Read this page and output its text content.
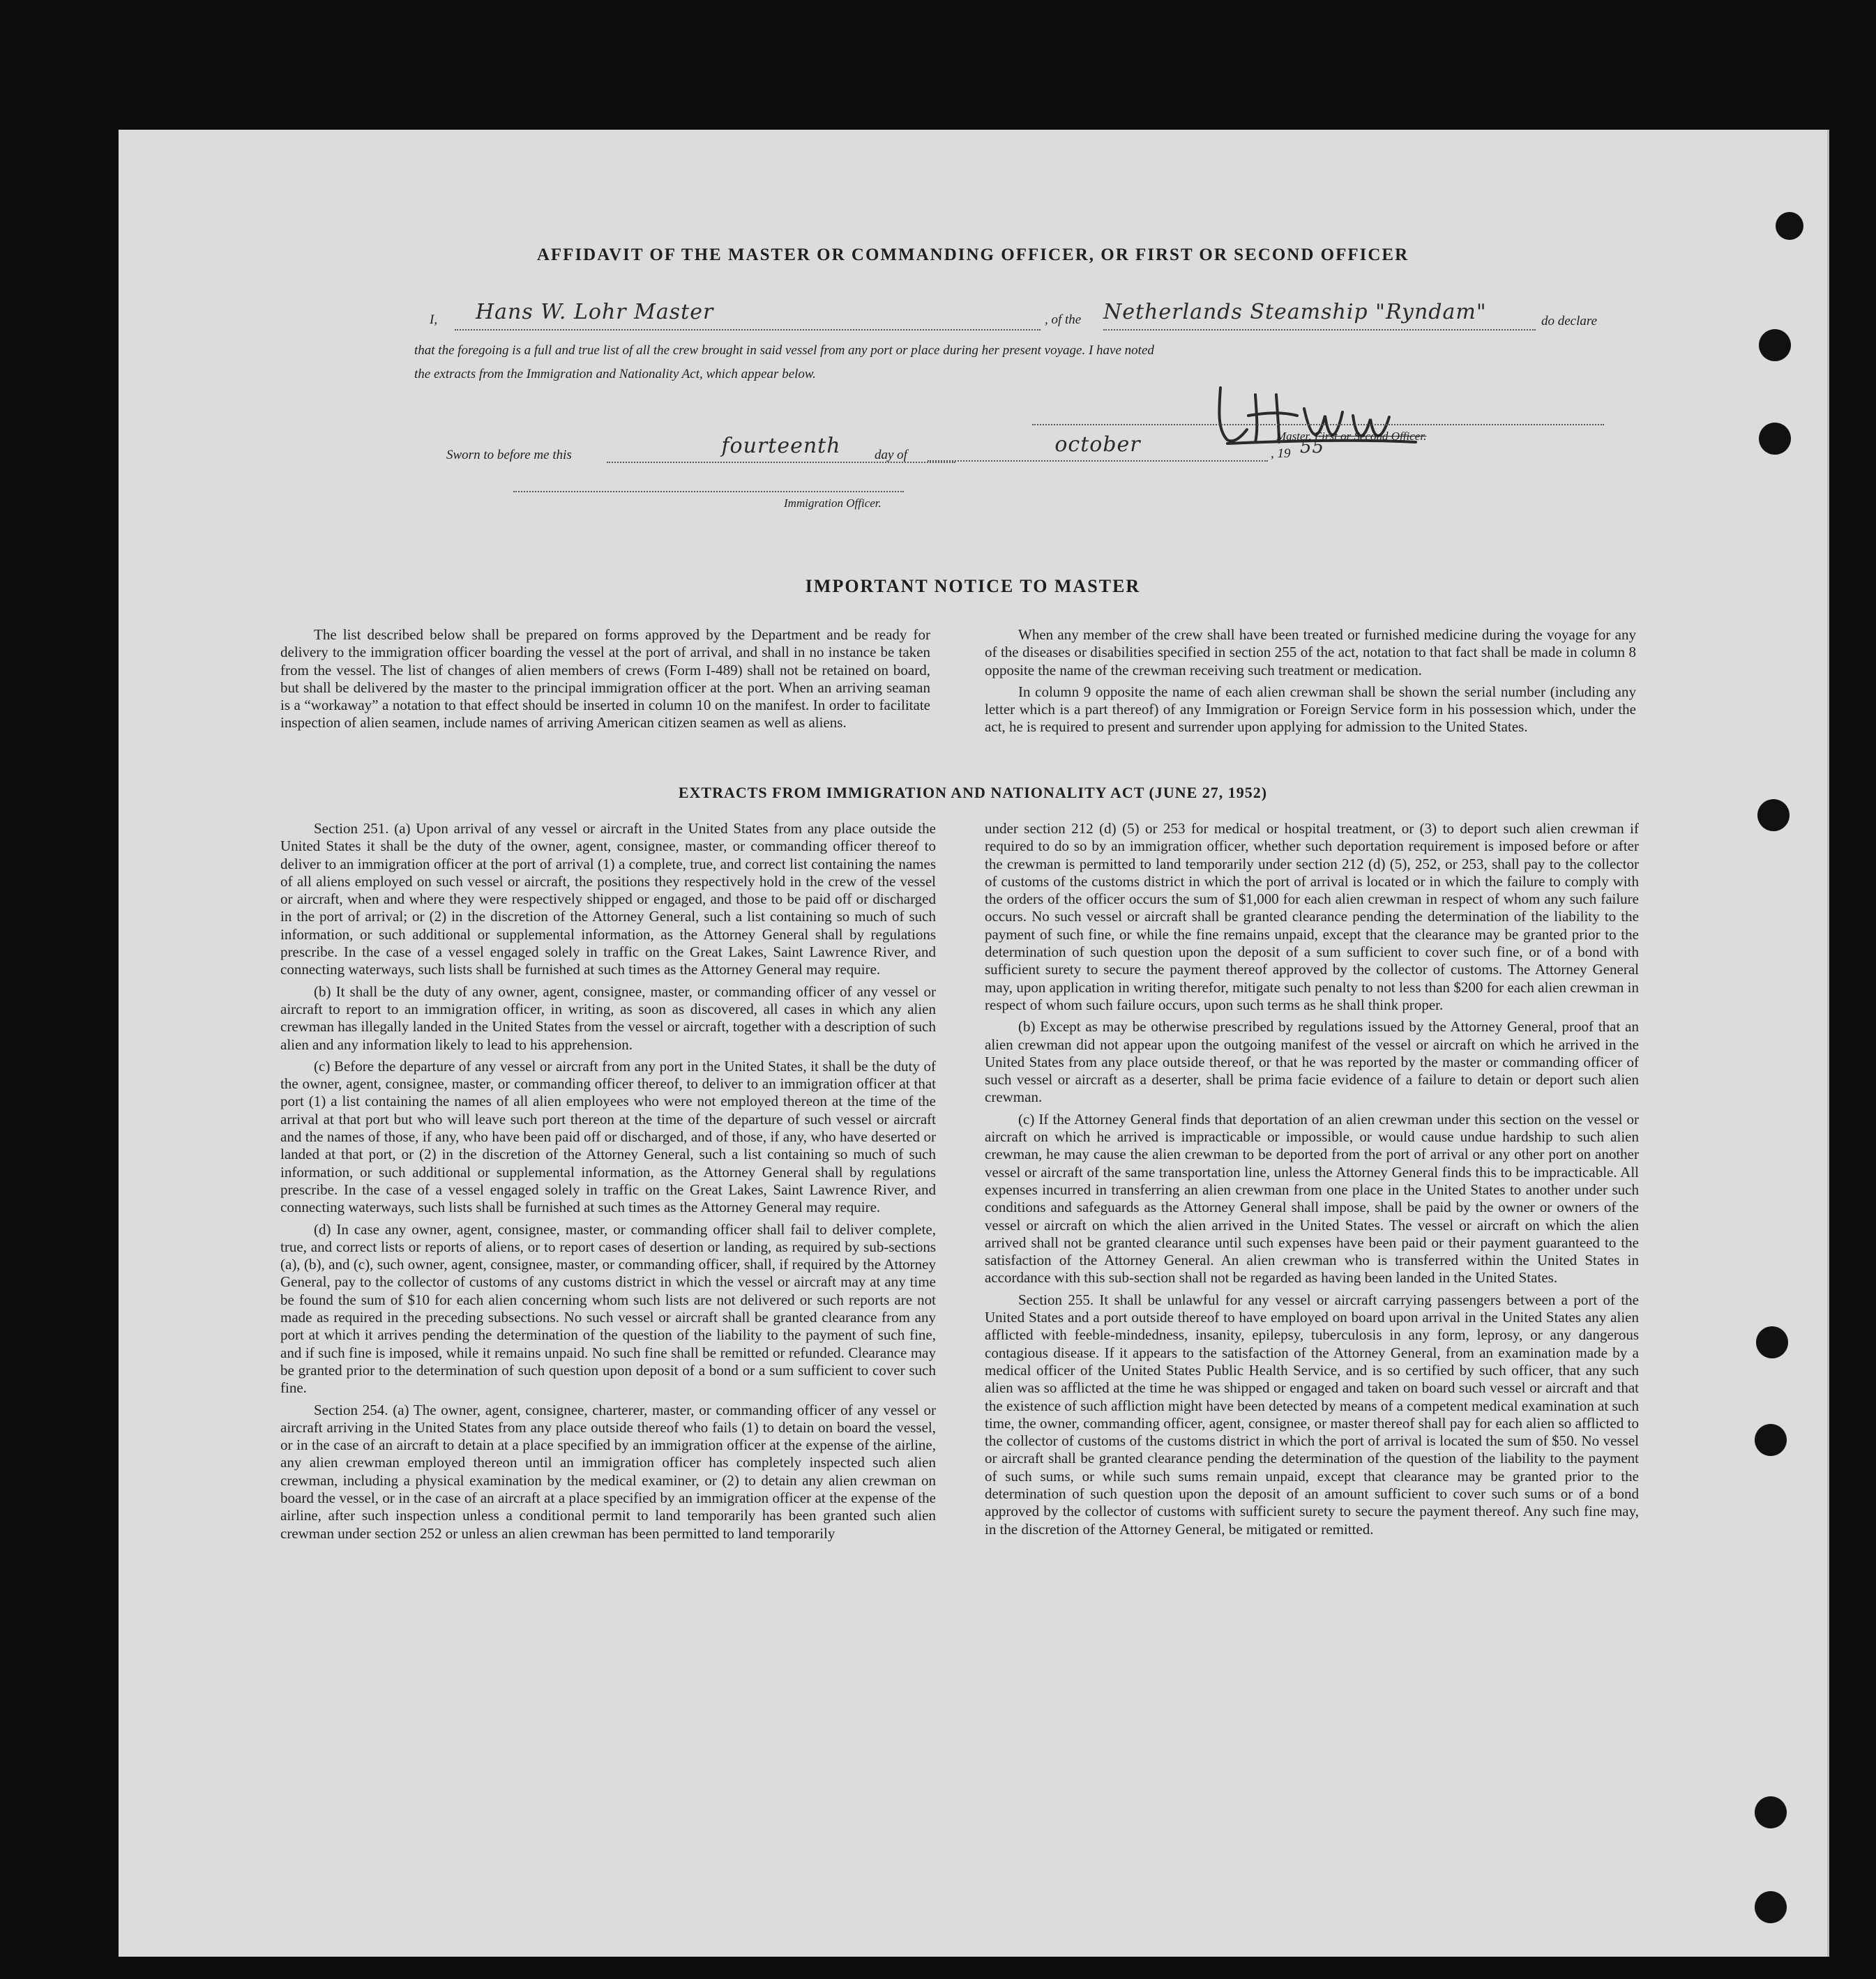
AFFIDAVIT OF THE MASTER OR COMMANDING OFFICER, OR FIRST OR SECOND OFFICER
I,	Hans W. Lohr Master	, of the Netherlands Steamship "Ryndam"	do declare
that the foregoing is a full and true list of all the crew brought in said vessel from any port or place during her present voyage. I have noted
the extracts from the Immigration and Nationality Act, which appear below.
Master, First or Second Officer.
Sworn to before me this	fourteenth	day of	october	, 19 55
Immigration Officer.
IMPORTANT NOTICE TO MASTER

The list described below shall be prepared on forms approved by the Department and be ready for delivery to the immigration officer boarding the vessel at the port of arrival, and shall in no instance be taken from the vessel. The list of changes of alien members of crews (Form I-489) shall not be retained on board, but shall be delivered by the master to the principal immigration officer at the port. When an arriving seaman is a “workaway” a notation to that effect should be inserted in column 10 on the manifest. In order to facilitate inspection of alien seamen, include names of arriving American citizen seamen as well as aliens.

When any member of the crew shall have been treated or furnished medicine during the voyage for any of the diseases or disabilities specified in section 255 of the act, notation to that fact shall be made in column 8 opposite the name of the crewman receiving such treatment or medication.

In column 9 opposite the name of each alien crewman shall be shown the serial number (including any letter which is a part thereof) of any Immigration or Foreign Service form in his possession which, under the act, he is required to present and surrender upon applying for admission to the United States.

EXTRACTS FROM IMMIGRATION AND NATIONALITY ACT (JUNE 27, 1952)

Section 251. (a) Upon arrival of any vessel or aircraft in the United States from any place outside the United States it shall be the duty of the owner, agent, consignee, master, or commanding officer thereof to deliver to an immigration officer at the port of arrival (1) a complete, true, and correct list containing the names of all aliens employed on such vessel or aircraft, the positions they respectively hold in the crew of the vessel or aircraft, when and where they were respectively shipped or engaged, and those to be paid off or discharged in the port of arrival; or (2) in the discretion of the Attorney General, such a list containing so much of such information, or such additional or supplemental information, as the Attorney General shall by regulations prescribe. In the case of a vessel engaged solely in traffic on the Great Lakes, Saint Lawrence River, and connecting waterways, such lists shall be furnished at such times as the Attorney General may require.

(b) It shall be the duty of any owner, agent, consignee, master, or commanding officer of any vessel or aircraft to report to an immigration officer, in writing, as soon as discovered, all cases in which any alien crewman has illegally landed in the United States from the vessel or aircraft, together with a description of such alien and any information likely to lead to his apprehension.

(c) Before the departure of any vessel or aircraft from any port in the United States, it shall be the duty of the owner, agent, consignee, master, or commanding officer thereof, to deliver to an immigration officer at that port (1) a list containing the names of all alien employees who were not employed thereon at the time of the arrival at that port but who will leave such port thereon at the time of the departure of such vessel or aircraft and the names of those, if any, who have been paid off or discharged, and of those, if any, who have deserted or landed at that port, or (2) in the discretion of the Attorney General, such a list containing so much of such information, or such additional or supplemental information, as the Attorney General shall by regulations prescribe. In the case of a vessel engaged solely in traffic on the Great Lakes, Saint Lawrence River, and connecting waterways, such lists shall be furnished at such times as the Attorney General may require.

(d) In case any owner, agent, consignee, master, or commanding officer shall fail to deliver complete, true, and correct lists or reports of aliens, or to report cases of desertion or landing, as required by sub-sections (a), (b), and (c), such owner, agent, consignee, master, or commanding officer, shall, if required by the Attorney General, pay to the collector of customs of any customs district in which the vessel or aircraft may at any time be found the sum of $10 for each alien concerning whom such lists are not delivered or such reports are not made as required in the preceding subsections. No such vessel or aircraft shall be granted clearance from any port at which it arrives pending the determination of the question of the liability to the payment of such fine, and if such fine is imposed, while it remains unpaid. No such fine shall be remitted or refunded. Clearance may be granted prior to the determination of such question upon deposit of a bond or a sum sufficient to cover such fine.

Section 254. (a) The owner, agent, consignee, charterer, master, or commanding officer of any vessel or aircraft arriving in the United States from any place outside thereof who fails (1) to detain on board the vessel, or in the case of an aircraft to detain at a place specified by an immigration officer at the expense of the airline, any alien crewman employed thereon until an immigration officer has completely inspected such alien crewman, including a physical examination by the medical examiner, or (2) to detain any alien crewman on board the vessel, or in the case of an aircraft at a place specified by an immigration officer at the expense of the airline, after such inspection unless a conditional permit to land temporarily has been granted such alien crewman under section 252 or unless an alien crewman has been permitted to land temporarily

under section 212 (d) (5) or 253 for medical or hospital treatment, or (3) to deport such alien crewman if required to do so by an immigration officer, whether such deportation requirement is imposed before or after the crewman is permitted to land temporarily under section 212 (d) (5), 252, or 253, shall pay to the collector of customs of the customs district in which the port of arrival is located or in which the failure to comply with the orders of the officer occurs the sum of $1,000 for each alien crewman in respect of whom any such failure occurs. No such vessel or aircraft shall be granted clearance pending the determination of the liability to the payment of such fine, or while the fine remains unpaid, except that the clearance may be granted prior to the determination of such question upon the deposit of a sum sufficient to cover such fine, or of a bond with sufficient surety to secure the payment thereof approved by the collector of customs. The Attorney General may, upon application in writing therefor, mitigate such penalty to not less than $200 for each alien crewman in respect of whom such failure occurs, upon such terms as he shall think proper.

(b) Except as may be otherwise prescribed by regulations issued by the Attorney General, proof that an alien crewman did not appear upon the outgoing manifest of the vessel or aircraft on which he arrived in the United States from any place outside thereof, or that he was reported by the master or commanding officer of such vessel or aircraft as a deserter, shall be prima facie evidence of a failure to detain or deport such alien crewman.

(c) If the Attorney General finds that deportation of an alien crewman under this section on the vessel or aircraft on which he arrived is impracticable or impossible, or would cause undue hardship to such alien crewman, he may cause the alien crewman to be deported from the port of arrival or any other port on another vessel or aircraft of the same transportation line, unless the Attorney General finds this to be impracticable. All expenses incurred in transferring an alien crewman from one place in the United States to another under such conditions and safeguards as the Attorney General shall impose, shall be paid by the owner or owners of the vessel or aircraft on which the alien arrived in the United States. The vessel or aircraft on which the alien arrived shall not be granted clearance until such expenses have been paid or their payment guaranteed to the satisfaction of the Attorney General. An alien crewman who is transferred within the United States in accordance with this sub-section shall not be regarded as having been landed in the United States.

Section 255. It shall be unlawful for any vessel or aircraft carrying passengers between a port of the United States and a port outside thereof to have employed on board upon arrival in the United States any alien afflicted with feeble-mindedness, insanity, epilepsy, tuberculosis in any form, leprosy, or any dangerous contagious disease. If it appears to the satisfaction of the Attorney General, from an examination made by a medical officer of the United States Public Health Service, and is so certified by such officer, that any such alien was so afflicted at the time he was shipped or engaged and taken on board such vessel or aircraft and that the existence of such affliction might have been detected by means of a competent medical examination at such time, the owner, commanding officer, agent, consignee, or master thereof shall pay for each alien so afflicted to the collector of customs of the customs district in which the port of arrival is located the sum of $50. No vessel or aircraft shall be granted clearance pending the determination of the question of the liability to the payment of such sums, or while such sums remain unpaid, except that clearance may be granted prior to the determination of such question upon the deposit of an amount sufficient to cover such sums or of a bond approved by the collector of customs with sufficient surety to secure the payment thereof. Any such fine may, in the discretion of the Attorney General, be mitigated or remitted.
